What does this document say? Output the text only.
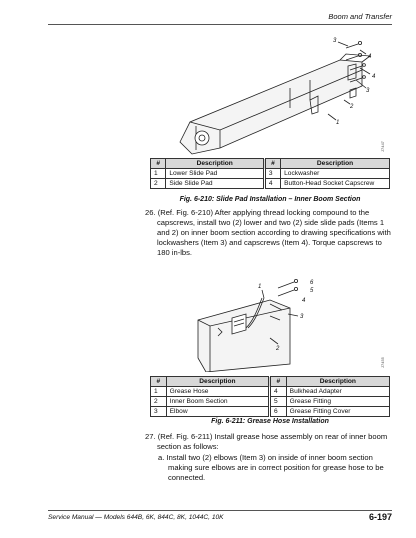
Boom and Transfer
3
4
4
3
2
1
J7447
#	Description		#	Description
1	Lower Slide Pad		3	Lockwasher
2	Side Slide Pad		4	Button-Head Socket Capscrew
Fig. 6-210: Slide Pad Installation – Inner Boom Section
26. (Ref. Fig. 6-210) After applying thread locking compound to the
capscrews, install two (2) lower and two (2) side slide pads (Items 1
and 2) on inner boom section according to drawing specifications with
lockwashers (Item 3) and capscrews (Item 4). Torque capscrews to
180 in-lbs.
6
5
1
4
3
2
J7455
#	Description		#	Description
1	Grease Hose		4	Bulkhead Adapter
2	Inner Boom Section		5	Grease Fitting
3	Elbow		6	Grease Fitting Cover
Fig. 6-211: Grease Hose Installation
27. (Ref. Fig. 6-211) Install grease hose assembly on rear of inner boom
section as follows:
a. Install two (2) elbows (Item 3) on inside of inner boom section
making sure elbows are in correct position for grease hose to be
connected.
Service Manual — Models 644B, 6K, 844C, 8K, 1044C, 10K	6-197
